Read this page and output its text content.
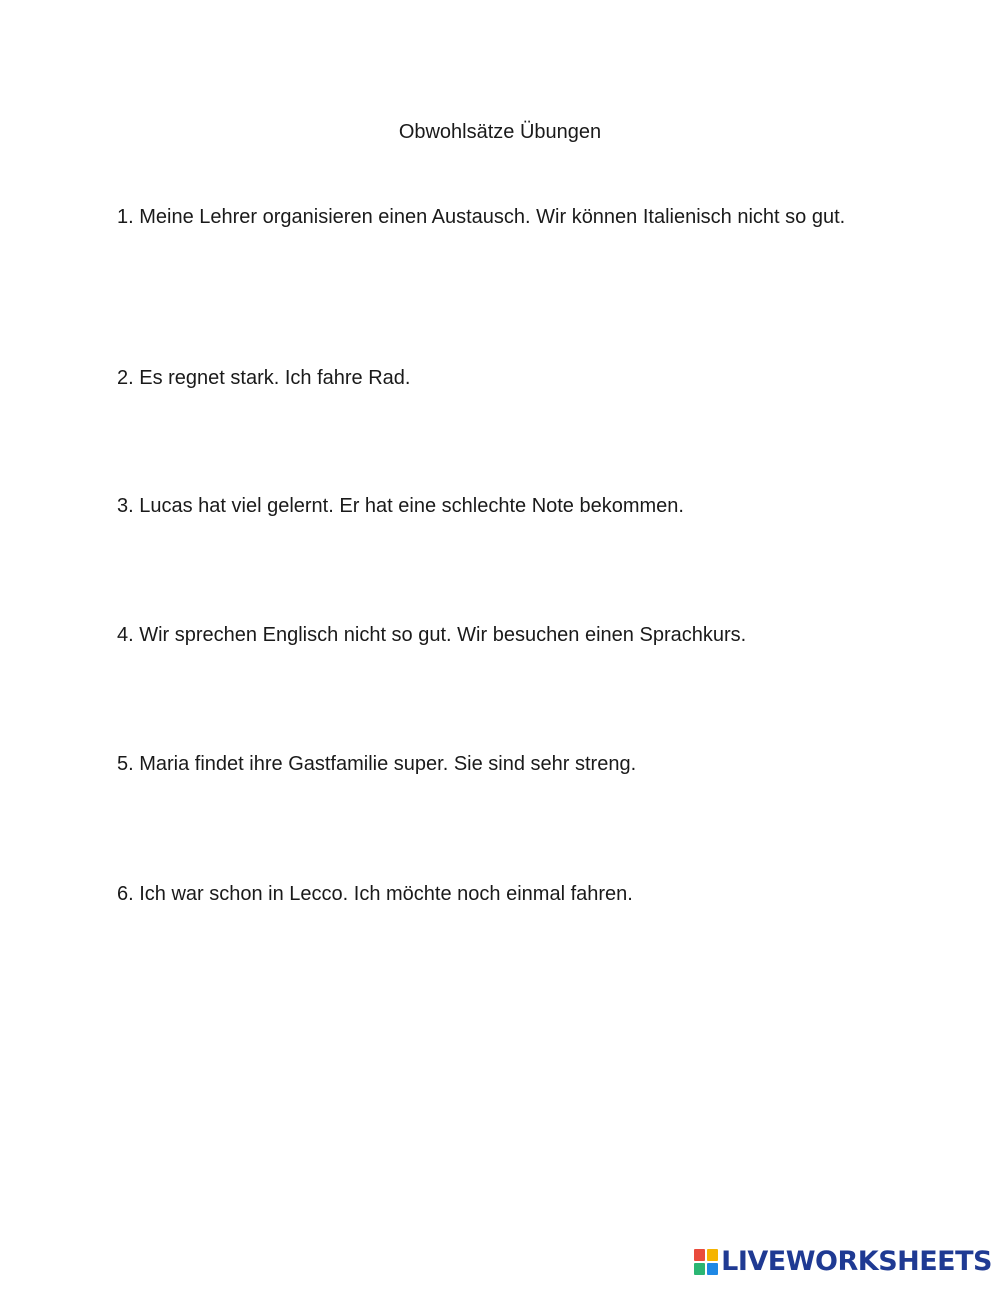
Obwohlsätze Übungen
1. Meine Lehrer organisieren einen Austausch. Wir können Italienisch nicht so gut.
2. Es regnet stark. Ich fahre Rad.
3. Lucas hat viel gelernt. Er hat eine schlechte Note bekommen.
4. Wir sprechen Englisch nicht so gut. Wir besuchen einen Sprachkurs.
5. Maria findet ihre Gastfamilie super. Sie sind sehr streng.
6. Ich war schon in Lecco. Ich möchte noch einmal fahren.
LIVEWORKSHEETS
